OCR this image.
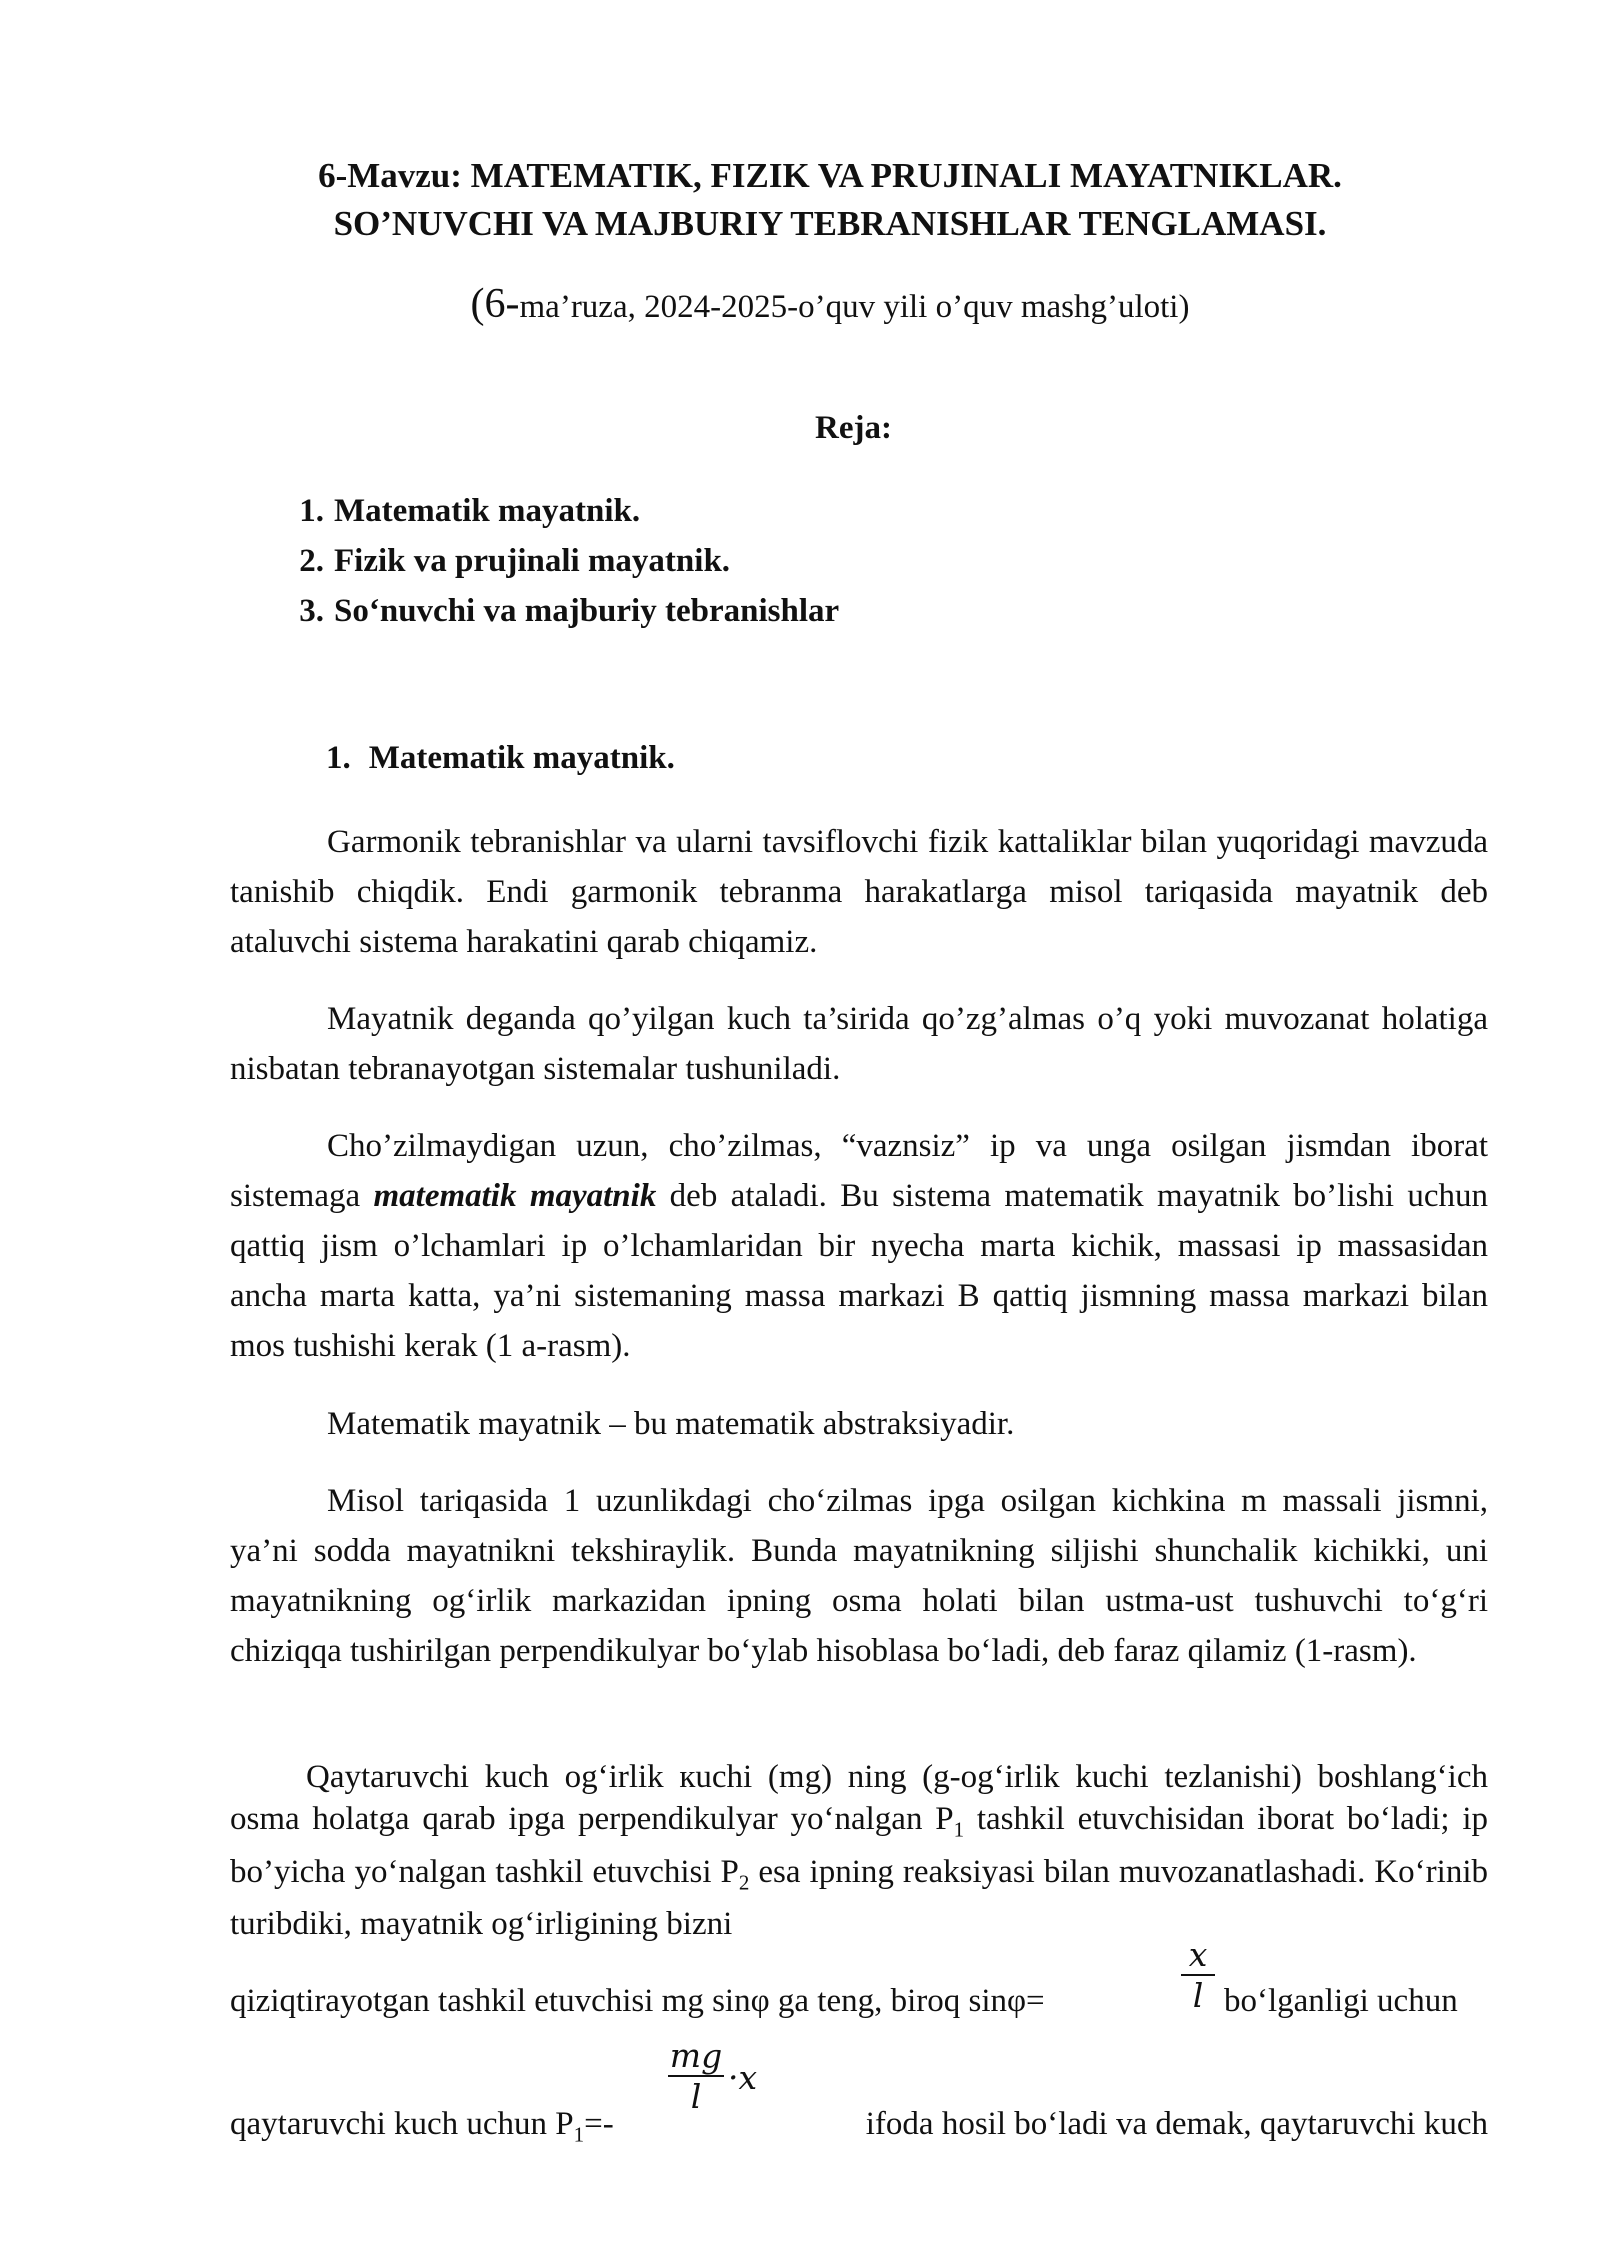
6-Mavzu: MATEMATIK, FIZIK VA PRUJINALI MAYATNIKLAR.
SO’NUVCHI VA MAJBURIY TEBRANISHLAR TENGLAMASI.
(6-ma’ruza, 2024-2025-o’quv yili o’quv mashg’uloti)
Reja:
1. Matematik mayatnik.
2. Fizik va prujinali mayatnik.
3. So‘nuvchi va majburiy tebranishlar
1. Matematik mayatnik.

Garmonik tebranishlar va ularni tavsiflovchi fizik kattaliklar bilan yuqoridagi mavzuda tanishib chiqdik. Endi garmonik tebranma harakatlarga misol tariqasida mayatnik deb ataluvchi sistema harakatini qarab chiqamiz.

Mayatnik deganda qo’yilgan kuch ta’sirida qo’zg’almas o’q yoki muvozanat holatiga nisbatan tebranayotgan sistemalar tushuniladi.

Cho’zilmaydigan uzun, cho’zilmas, “vaznsiz” ip va unga osilgan jismdan iborat sistemaga matematik mayatnik deb ataladi. Bu sistema matematik mayatnik bo’lishi uchun qattiq jism o’lchamlari ip o’lchamlaridan bir nyecha marta kichik, massasi ip massasidan ancha marta katta, ya’ni sistemaning massa markazi B qattiq jismning massa markazi bilan mos tushishi kerak (1 a-rasm).

Matematik mayatnik – bu matematik abstraksiyadir.

Misol tariqasida 1 uzunlikdagi cho‘zilmas ipga osilgan kichkina m massali jismni, ya’ni sodda mayatnikni tekshiraylik. Bunda mayatnikning siljishi shunchalik kichikki, uni mayatnikning og‘irlik markazidan ipning osma holati bilan ustma-ust tushuvchi to‘g‘ri chiziqqa tushirilgan perpendikulyar bo‘ylab hisoblasa bo‘ladi, deb faraz qilamiz (1-rasm).

Qaytaruvchi kuch og‘irlik кuchi (mg) ning (g-og‘irlik kuchi tezlanishi) boshlang‘ich osma holatga qarab ipga perpendikulyar yo‘nalgan $P_1$ tashkil etuvchisidan iborat bo‘ladi; ip bo’yicha yo‘nalgan tashkil etuvchisi $P_2$ esa ipning reaksiyasi bilan muvozanatlashadi. Ko‘rinib turibdiki, mayatnik og‘irligining bizni

qiziqtirayotgan tashkil etuvchisi mg sinφ ga teng, biroq sinφ=
x
l bo‘lganligi uchun
qaytaruvchi kuch uchun $P_1=-$
mg
l ·x
ifoda hosil bo‘ladi va demak, qaytaruvchi kuch
